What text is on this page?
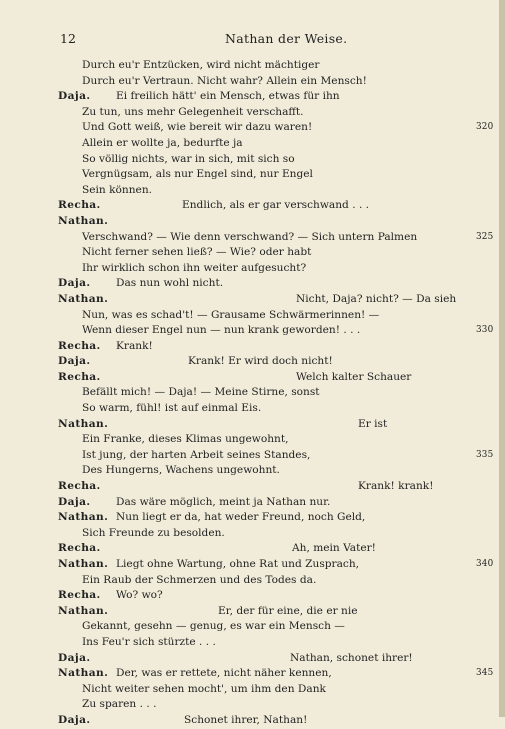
12	Nathan der Weise.
Durch eu'r Entzücken, wird nicht mächtiger
Durch eu'r Vertraun. Nicht wahr? Allein ein Mensch!
Daja. Ei freilich hätt' ein Mensch, etwas für ihn
Zu tun, uns mehr Gelegenheit verschafft.
Und Gott weiß, wie bereit wir dazu waren!	320
Allein er wollte ja, bedurfte ja
So völlig nichts, war in sich, mit sich so
Vergnügsam, als nur Engel sind, nur Engel
Sein können.
Recha.	Endlich, als er gar verschwand . . .
Nathan.
Verschwand? — Wie denn verschwand? — Sich untern Palmen	325
Nicht ferner sehen ließ? — Wie? oder habt
Ihr wirklich schon ihn weiter aufgesucht?
Daja. Das nun wohl nicht.
Nathan.	Nicht, Daja? nicht? — Da sieh
Nun, was es schad't! — Grausame Schwärmerinnen! —
Wenn dieser Engel nun — nun krank geworden! . . .	330
Recha. Krank!
Daja.	Krank! Er wird doch nicht!
Recha.	Welch kalter Schauer
Befällt mich! — Daja! — Meine Stirne, sonst
So warm, fühl! ist auf einmal Eis.
Nathan.	Er ist
Ein Franke, dieses Klimas ungewohnt,
Ist jung, der harten Arbeit seines Standes,	335
Des Hungerns, Wachens ungewohnt.
Recha.	Krank! krank!
Daja. Das wäre möglich, meint ja Nathan nur.
Nathan. Nun liegt er da, hat weder Freund, noch Geld,
Sich Freunde zu besolden.
Recha.	Ah, mein Vater!
Nathan. Liegt ohne Wartung, ohne Rat und Zusprach,	340
Ein Raub der Schmerzen und des Todes da.
Recha. Wo? wo?
Nathan.	Er, der für eine, die er nie
Gekannt, gesehn — genug, es war ein Mensch —
Ins Feu'r sich stürzte . . .
Daja.	Nathan, schonet ihrer!
Nathan. Der, was er rettete, nicht näher kennen,	345
Nicht weiter sehen mocht', um ihm den Dank
Zu sparen . . .
Daja.	Schonet ihrer, Nathan!
